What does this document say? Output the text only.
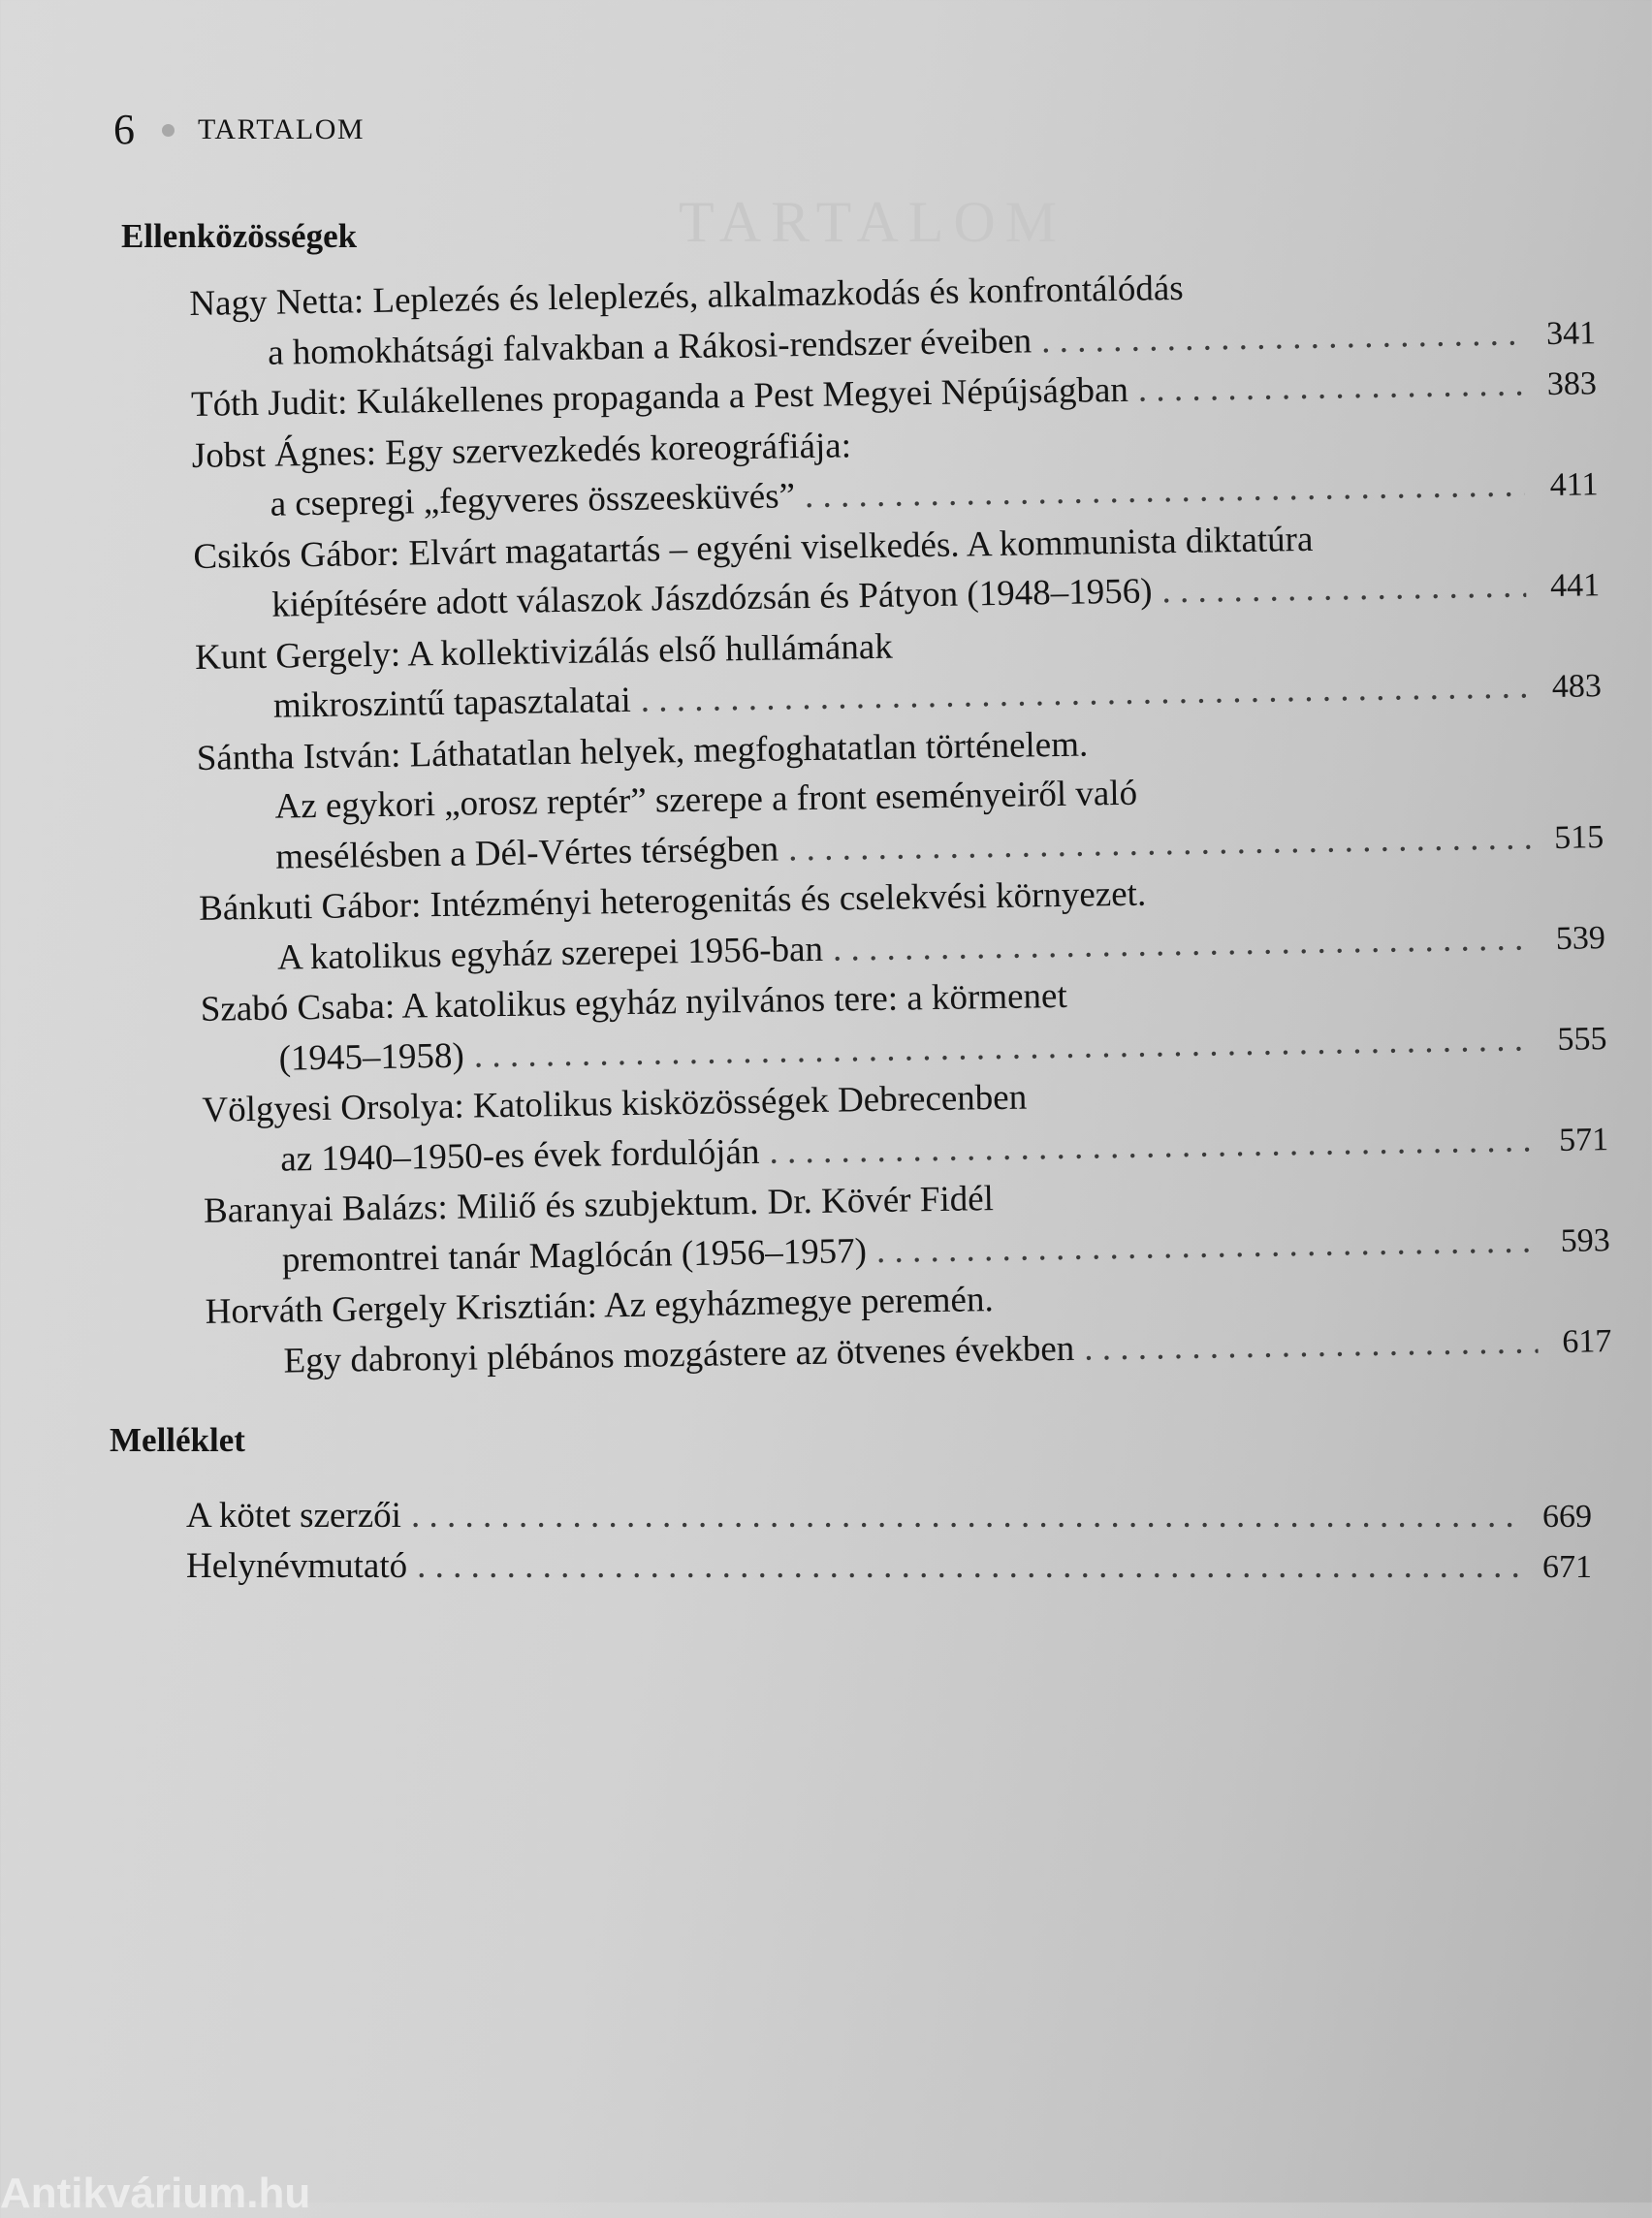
TARTALOM
6 TARTALOM
Ellenközösségek
Nagy Netta: Leplezés és leleplezés, alkalmazkodás és konfrontálódás
a homokhátsági falvakban a Rákosi-rendszer éveiben . . .	341
Tóth Judit: Kulákellenes propaganda a Pest Megyei Népújságban . . .	383
Jobst Ágnes: Egy szervezkedés koreográfiája:
a csepregi „fegyveres összeesküvés” . . .	411
Csikós Gábor: Elvárt magatartás – egyéni viselkedés. A kommunista diktatúra
kiépítésére adott válaszok Jászdózsán és Pátyon (1948–1956) . . .	441
Kunt Gergely: A kollektivizálás első hullámának
mikroszintű tapasztalatai . . .	483
Sántha István: Láthatatlan helyek, megfoghatatlan történelem.
Az egykori „orosz reptér” szerepe a front eseményeiről való
mesélésben a Dél-Vértes térségben . . .	515
Bánkuti Gábor: Intézményi heterogenitás és cselekvési környezet.
A katolikus egyház szerepei 1956-ban . . .	539
Szabó Csaba: A katolikus egyház nyilvános tere: a körmenet
(1945–1958) . . .	555
Völgyesi Orsolya: Katolikus kisközösségek Debrecenben
az 1940–1950-es évek fordulóján . . .	571
Baranyai Balázs: Miliő és szubjektum. Dr. Kövér Fidél
premontrei tanár Maglócán (1956–1957) . . .	593
Horváth Gergely Krisztián: Az egyházmegye peremén.
Egy dabronyi plébános mozgástere az ötvenes években . . .	617
Melléklet
A kötet szerzői . . .	669
Helynévmutató . . .	671
Antikvárium.hu
